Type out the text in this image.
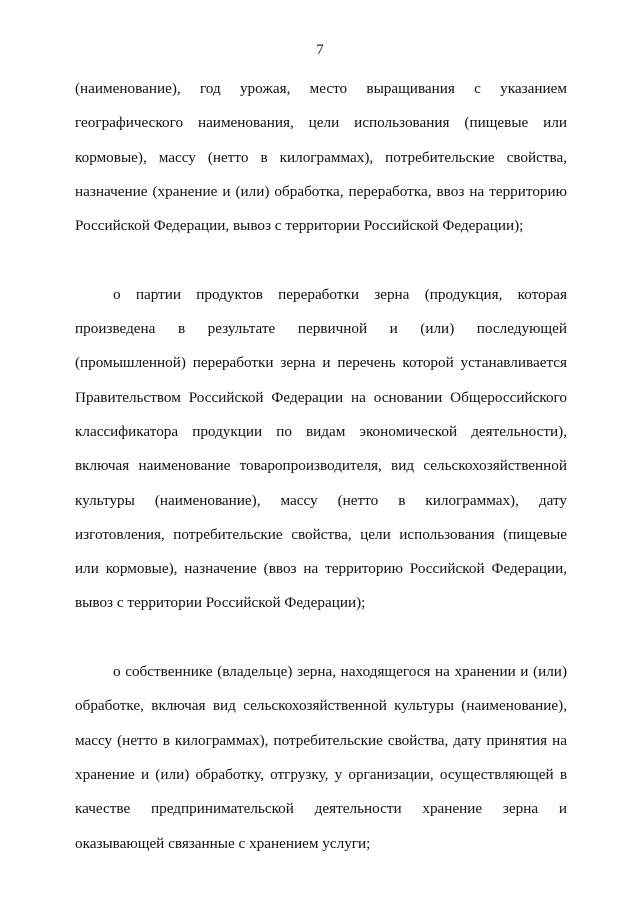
7
(наименование), год урожая, место выращивания с указанием
географического наименования, цели использования (пищевые или
кормовые), массу (нетто в килограммах), потребительские свойства,
назначение (хранение и (или) обработка, переработка, ввоз на территорию
Российской Федерации, вывоз с территории Российской Федерации);
о партии продуктов переработки зерна (продукция, которая
произведена в результате первичной и (или) последующей
(промышленной) переработки зерна и перечень которой устанавливается
Правительством Российской Федерации на основании Общероссийского
классификатора продукции по видам экономической деятельности),
включая наименование товаропроизводителя, вид сельскохозяйственной
культуры (наименование), массу (нетто в килограммах), дату
изготовления, потребительские свойства, цели использования (пищевые
или кормовые), назначение (ввоз на территорию Российской Федерации,
вывоз с территории Российской Федерации);
о собственнике (владельце) зерна, находящегося на хранении и (или)
обработке, включая вид сельскохозяйственной культуры (наименование),
массу (нетто в килограммах), потребительские свойства, дату принятия на
хранение и (или) обработку, отгрузку, у организации, осуществляющей в
качестве предпринимательской деятельности хранение зерна и
оказывающей связанные с хранением услуги;
